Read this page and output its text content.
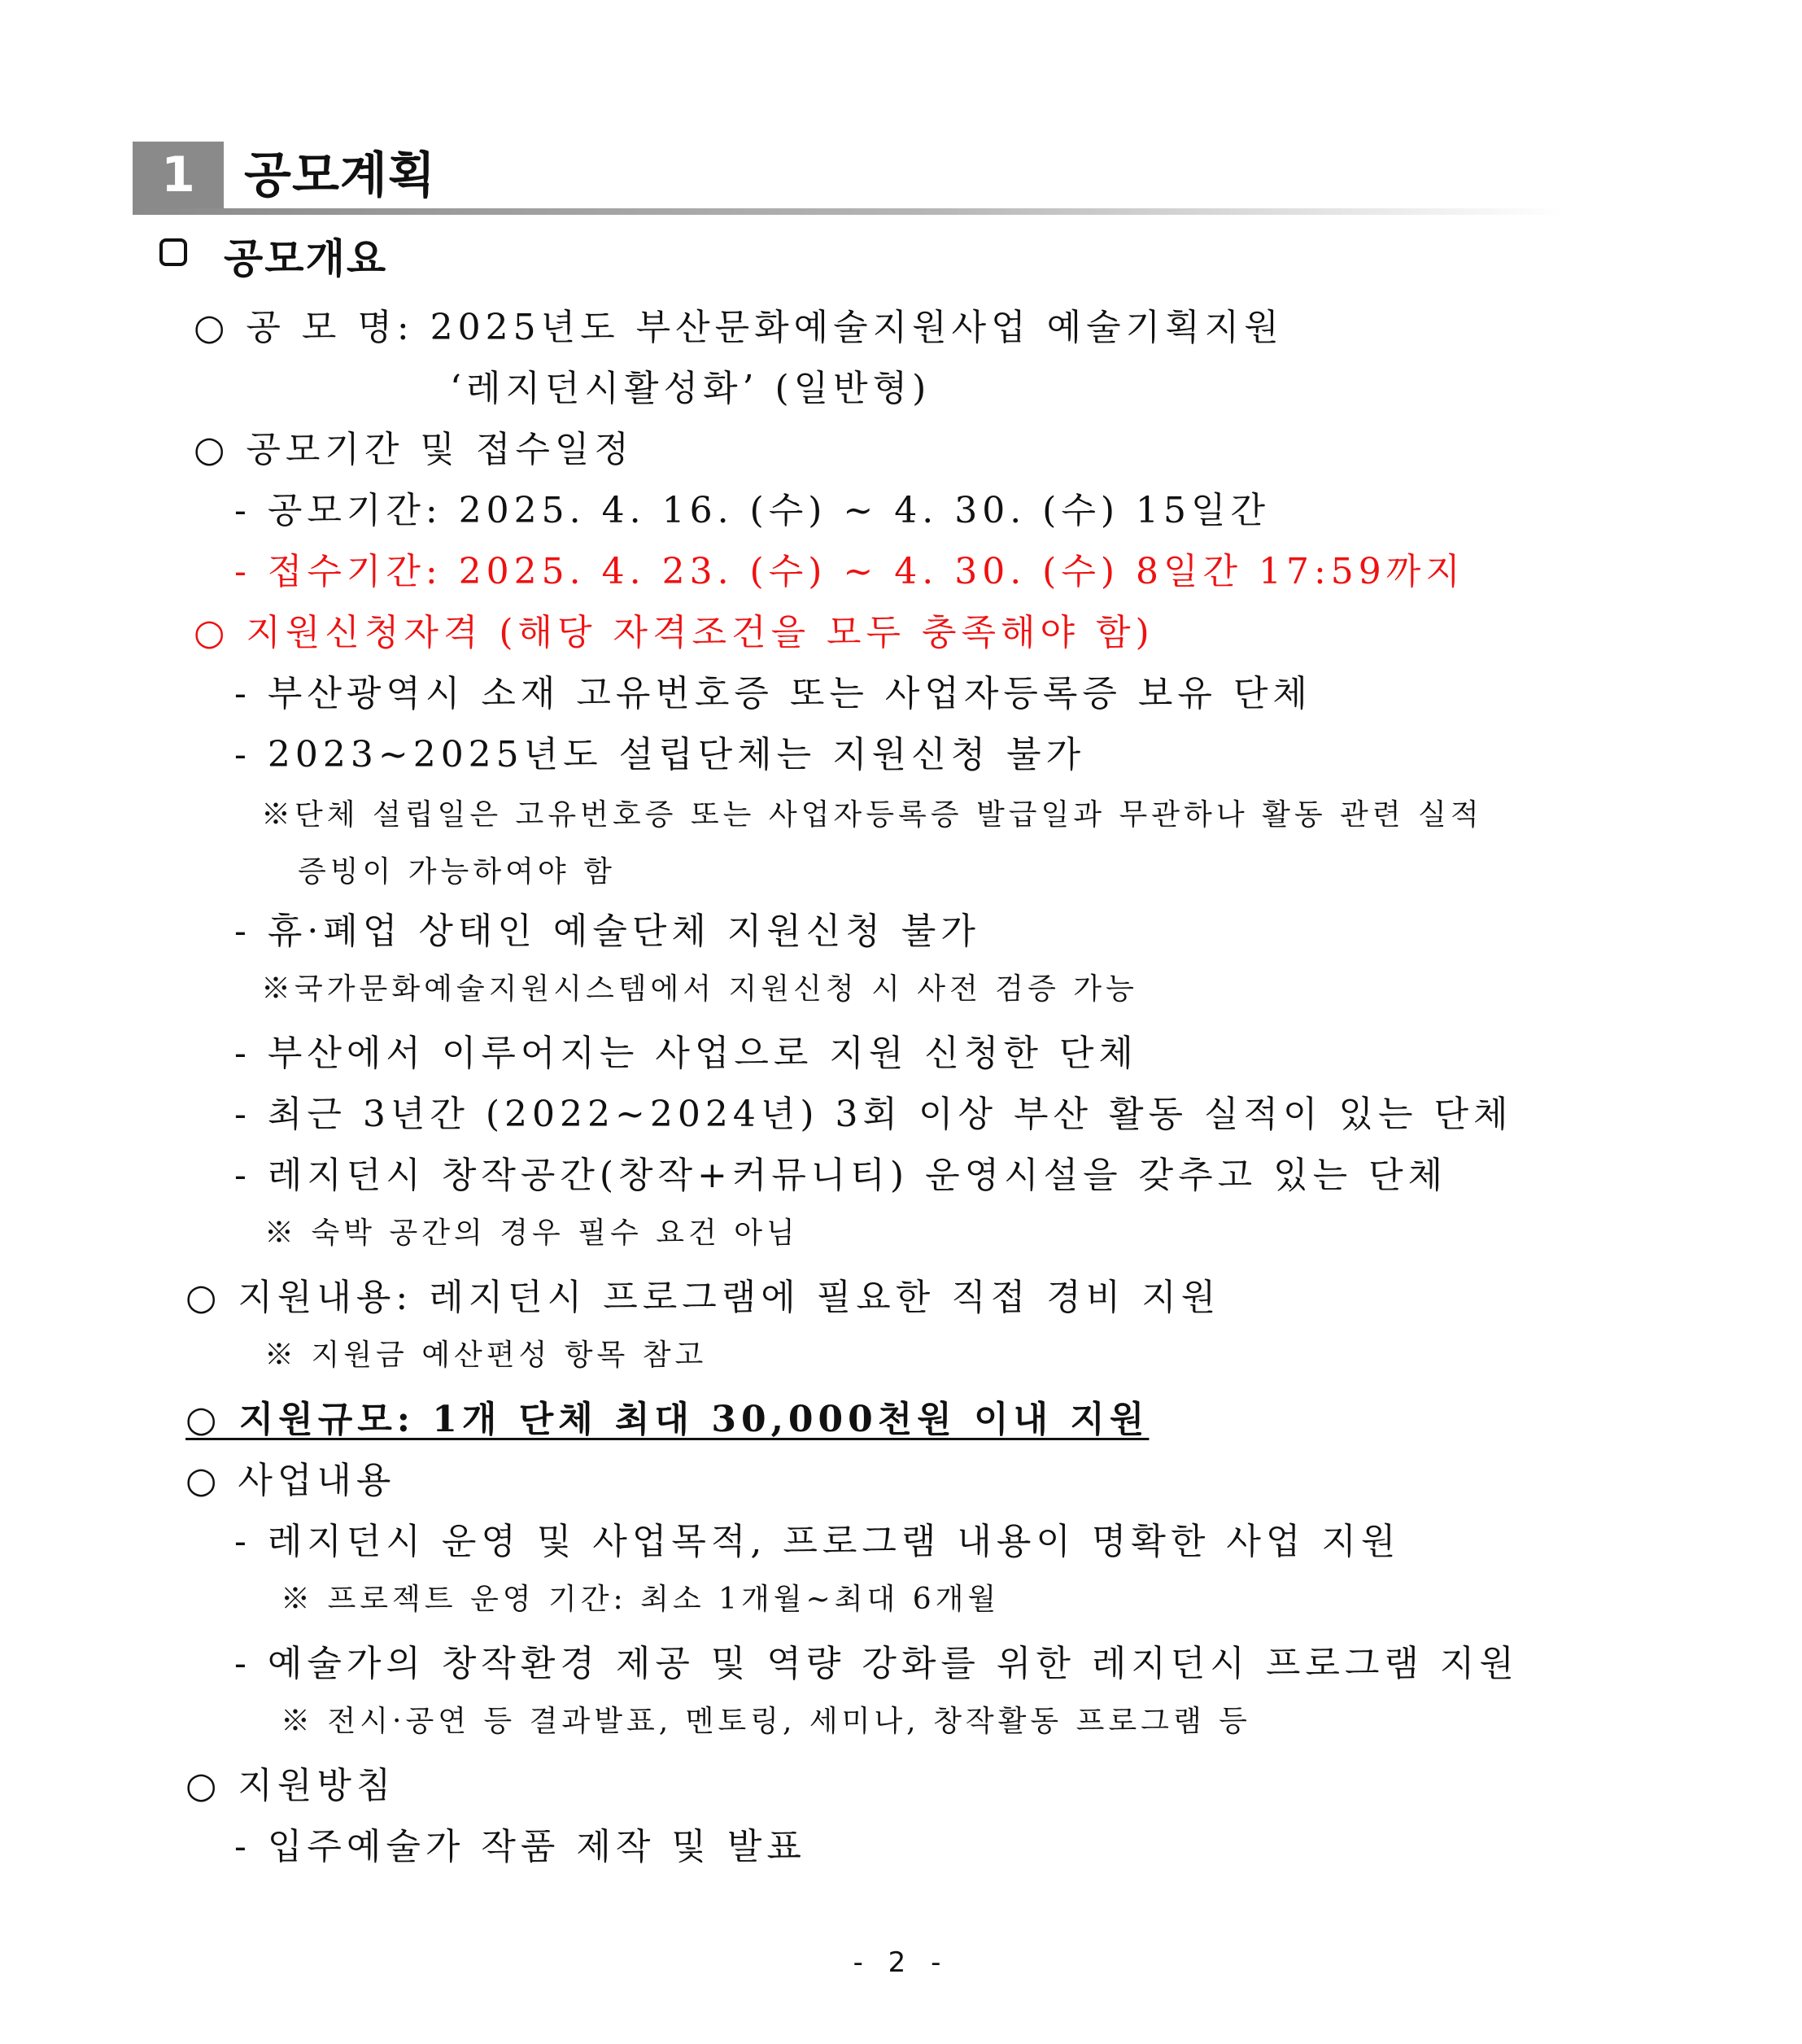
1	공모계획
공모개요
○ 공 모 명: 2025년도 부산문화예술지원사업 예술기획지원
‘레지던시활성화’ (일반형)
○ 공모기간 및 접수일정
- 공모기간: 2025. 4. 16. (수) ~ 4. 30. (수) 15일간
- 접수기간: 2025. 4. 23. (수) ~ 4. 30. (수) 8일간 17:59까지
○ 지원신청자격 (해당 자격조건을 모두 충족해야 함)
- 부산광역시 소재 고유번호증 또는 사업자등록증 보유 단체
- 2023~2025년도 설립단체는 지원신청 불가
※단체 설립일은 고유번호증 또는 사업자등록증 발급일과 무관하나 활동 관련 실적
증빙이 가능하여야 함
- 휴·폐업 상태인 예술단체 지원신청 불가
※국가문화예술지원시스템에서 지원신청 시 사전 검증 가능
- 부산에서 이루어지는 사업으로 지원 신청한 단체
- 최근 3년간 (2022~2024년) 3회 이상 부산 활동 실적이 있는 단체
- 레지던시 창작공간(창작+커뮤니티) 운영시설을 갖추고 있는 단체
※ 숙박 공간의 경우 필수 요건 아님
○ 지원내용: 레지던시 프로그램에 필요한 직접 경비 지원
※ 지원금 예산편성 항목 참고
○ 지원규모: 1개 단체 최대 30,000천원 이내 지원
○ 사업내용
- 레지던시 운영 및 사업목적, 프로그램 내용이 명확한 사업 지원
※ 프로젝트 운영 기간: 최소 1개월~최대 6개월
- 예술가의 창작환경 제공 및 역량 강화를 위한 레지던시 프로그램 지원
※ 전시·공연 등 결과발표, 멘토링, 세미나, 창작활동 프로그램 등
○ 지원방침
- 입주예술가 작품 제작 및 발표
- 2 -
